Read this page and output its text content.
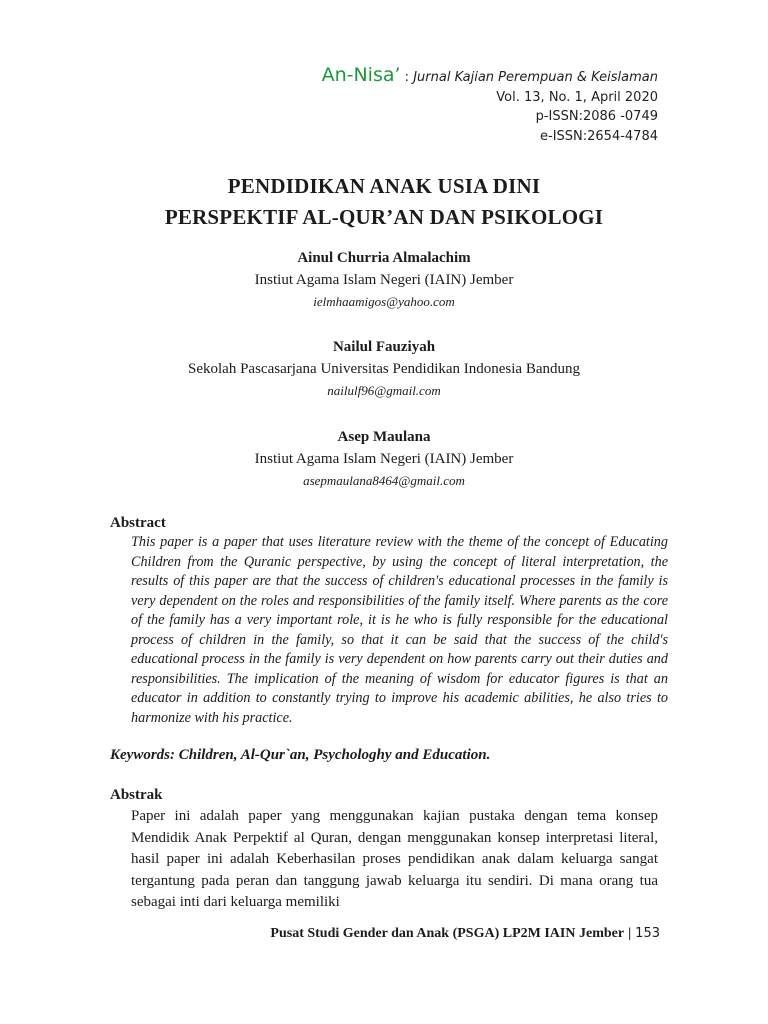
An-Nisa’ : Jurnal Kajian Perempuan & Keislaman
Vol. 13, No. 1, April 2020
p-ISSN:2086 -0749
e-ISSN:2654-4784
PENDIDIKAN ANAK USIA DINI
PERSPEKTIF AL-QUR’AN DAN PSIKOLOGI
Ainul Churria Almalachim
Instiut Agama Islam Negeri (IAIN) Jember
ielmhaamigos@yahoo.com
Nailul Fauziyah
Sekolah Pascasarjana Universitas Pendidikan Indonesia Bandung
nailulf96@gmail.com
Asep Maulana
Instiut Agama Islam Negeri (IAIN) Jember
asepmaulana8464@gmail.com
Abstract

This paper is a paper that uses literature review with the theme of the concept of Educating Children from the Quranic perspective, by using the concept of literal interpretation, the results of this paper are that the success of children's educational processes in the family is very dependent on the roles and responsibilities of the family itself. Where parents as the core of the family has a very important role, it is he who is fully responsible for the educational process of children in the family, so that it can be said that the success of the child's educational process in the family is very dependent on how parents carry out their duties and responsibilities. The implication of the meaning of wisdom for educator figures is that an educator in addition to constantly trying to improve his academic abilities, he also tries to harmonize with his practice.

Keywords: Children, Al-Qur`an, Psychologhy and Education.
Abstrak

Paper ini adalah paper yang menggunakan kajian pustaka dengan tema konsep Mendidik Anak Perpektif al Quran, dengan menggunakan konsep interpretasi literal, hasil paper ini adalah Keberhasilan proses pendidikan anak dalam keluarga sangat tergantung pada peran dan tanggung jawab keluarga itu sendiri. Di mana orang tua sebagai inti dari keluarga memiliki

Pusat Studi Gender dan Anak (PSGA) LP2M IAIN Jember | 153
